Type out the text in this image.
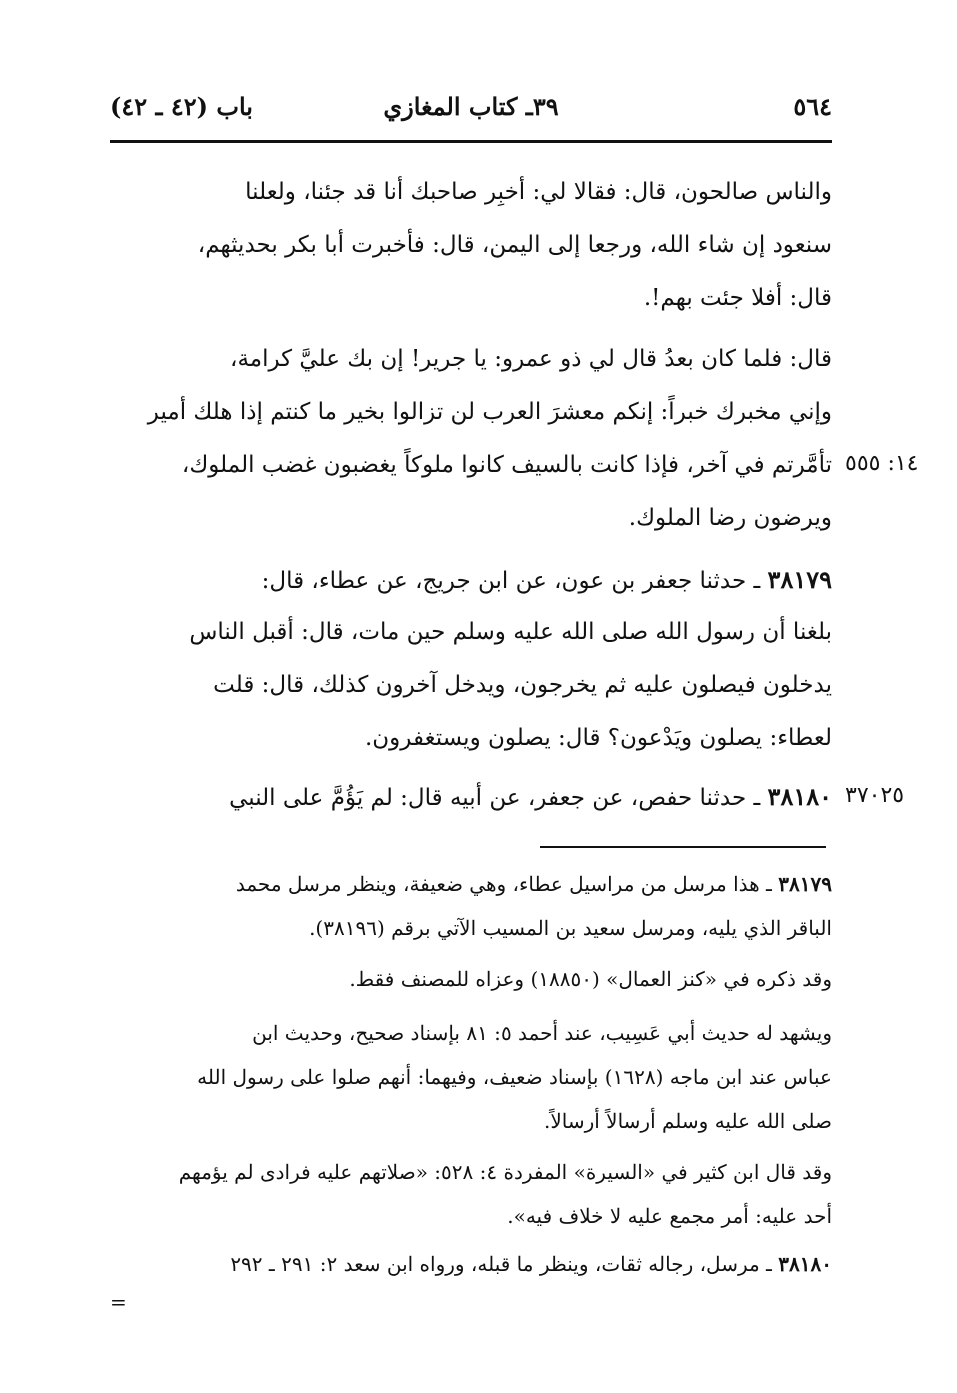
باب (٤٢ ـ ٤٢)	٣٩ـ كتاب المغازي	٥٦٤
والناس صالحون، قال: فقالا لي: أخبِر صاحبك أنا قد جئنا، ولعلنا
سنعود إن شاء الله، ورجعا إلى اليمن، قال: فأخبرت أبا بكر بحديثهم،
قال: أفلا جئت بهم!.
قال: فلما كان بعدُ قال لي ذو عمرو: يا جرير! إن بك عليَّ كرامة،
وإني مخبرك خبراً: إنكم معشرَ العرب لن تزالوا بخير ما كنتم إذا هلك أمير
تأمَّرتم في آخر، فإذا كانت بالسيف كانوا ملوكاً يغضبون غضب الملوك،
ويرضون رضا الملوك.
١٤: ٥٥٥
٣٨١٧٩ ـ حدثنا جعفر بن عون، عن ابن جريج، عن عطاء، قال:
بلغنا أن رسول الله صلى الله عليه وسلم حين مات، قال: أقبل الناس
يدخلون فيصلون عليه ثم يخرجون، ويدخل آخرون كذلك، قال: قلت
لعطاء: يصلون ويَدْعون؟ قال: يصلون ويستغفرون.
٣٨١٨٠ ـ حدثنا حفص، عن جعفر، عن أبيه قال: لم يَؤُمَّ على النبي	٣٧٠٢٥
٣٨١٧٩ ـ هذا مرسل من مراسيل عطاء، وهي ضعيفة، وينظر مرسل محمد
الباقر الذي يليه، ومرسل سعيد بن المسيب الآتي برقم (٣٨١٩٦).
وقد ذكره في «كنز العمال» (١٨٨٥٠) وعزاه للمصنف فقط.
ويشهد له حديث أبي عَسِيب، عند أحمد ٥: ٨١ بإسناد صحيح، وحديث ابن
عباس عند ابن ماجه (١٦٢٨) بإسناد ضعيف، وفيهما: أنهم صلوا على رسول الله
صلى الله عليه وسلم أرسالاً أرسالاً.
وقد قال ابن كثير في «السيرة» المفردة ٤: ٥٢٨: «صلاتهم عليه فرادى لم يؤمهم
أحد عليه: أمر مجمع عليه لا خلاف فيه».
٣٨١٨٠ ـ مرسل، رجاله ثقات، وينظر ما قبله، ورواه ابن سعد ٢: ٢٩١ ـ ٢٩٢
=
